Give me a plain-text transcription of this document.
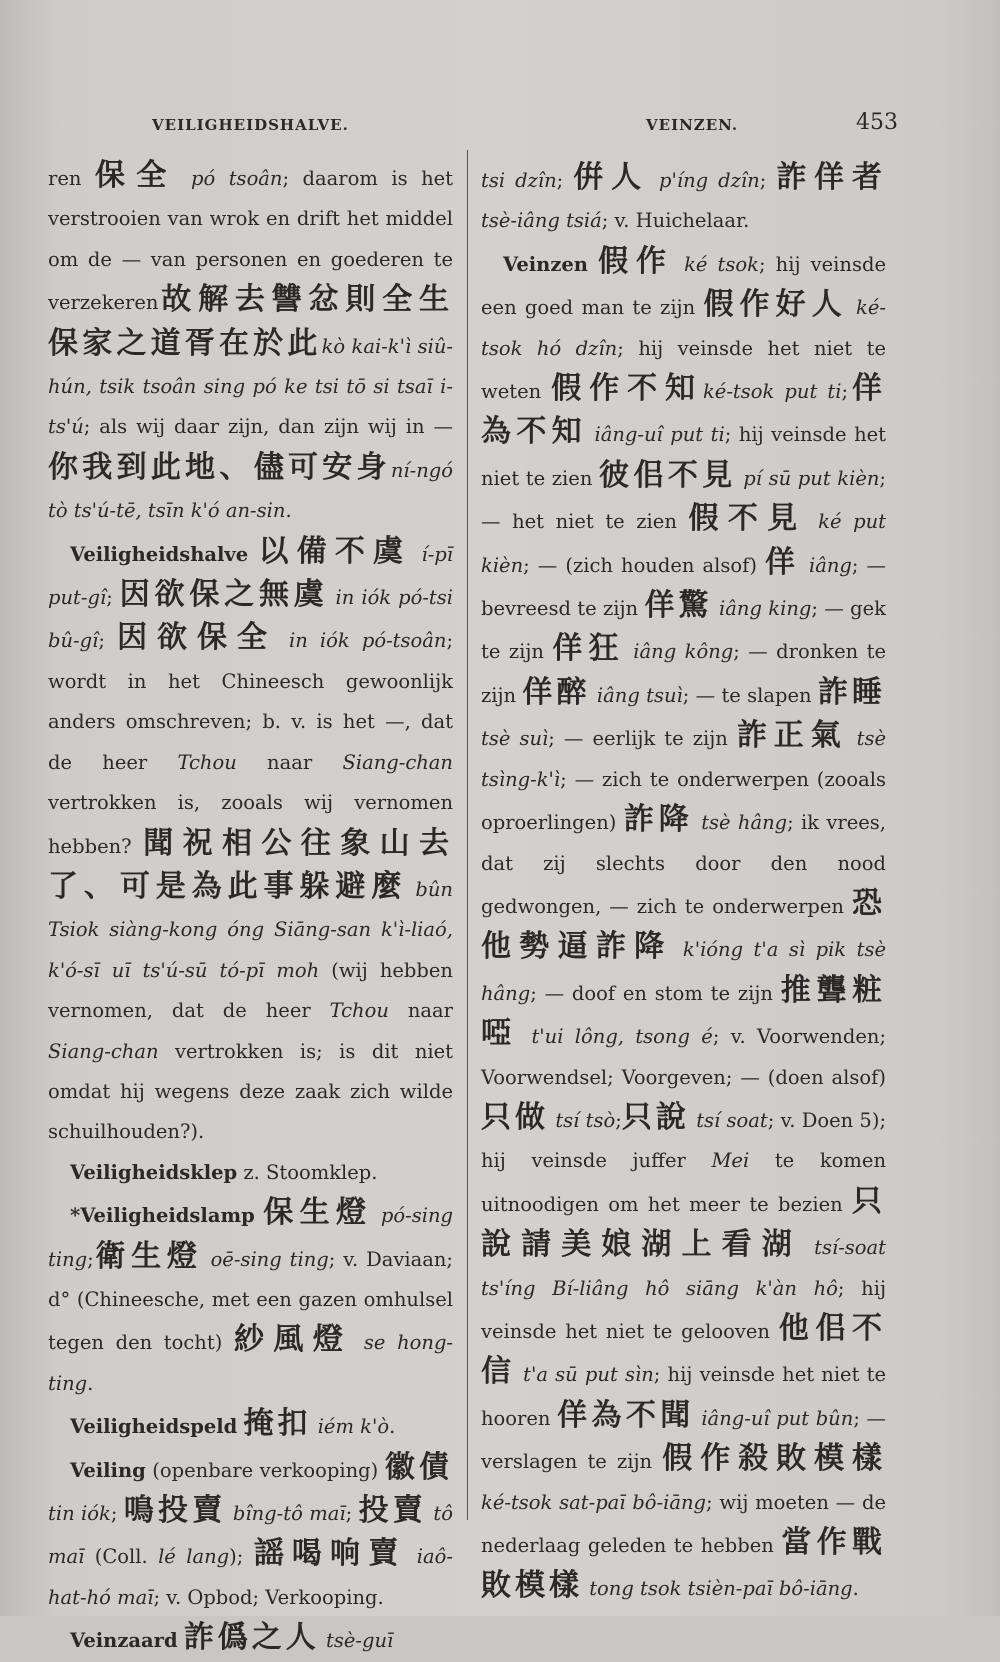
VEILIGHEIDSHALVE.	VEINZEN.	453

ren 保全 pó tsoân; daarom is het verstrooien van wrok en drift het middel om de — van personen en goederen te verzekeren故解去讐忿則全生保家之道胥在於此kò kai-k'ì siû-hún, tsik tsoân sing pó ke tsi tō si tsaī i-ts'ú; als wij daar zijn, dan zijn wij in — 你我到此地、儘可安身ní-ngó tò ts'ú-tē, tsīn k'ó an-sin.

Veiligheidshalve 以備不虞 í-pī put-gî; 因欲保之無虞 in iók pó-tsi bû-gî; 因欲保全 in iók pó-tsoân; wordt in het Chineesch gewoonlijk anders omschreven; b. v. is het —, dat de heer Tchou naar Siang-chan vertrokken is, zooals wij vernomen hebben? 聞祝相公往象山去了、可是為此事躲避麼 bûn Tsiok siàng-kong óng Siāng-san k'ì-liaó, k'ó-sī uī ts'ú-sū tó-pī moh (wij hebben vernomen, dat de heer Tchou naar Siang-chan vertrokken is; is dit niet omdat hij wegens deze zaak zich wilde schuilhouden?).

Veiligheidsklep z. Stoomklep.

*Veiligheidslamp 保生燈 pó-sing ting;衛生燈 oē-sing ting; v. Daviaan; d° (Chineesche, met een gazen omhulsel tegen den tocht) 紗風燈 se hong-ting.

Veiligheidspeld 掩扣 iém k'ò.

Veiling (openbare verkooping) 徽債 tin iók; 鳴投賣 bîng-tô maī; 投賣 tô maī (Coll. lé lang); 謡喝响賣 iaô-hat-hó maī; v. Opbod; Verkooping.

Veinzaard 詐僞之人 tsè-guī

tsi dzîn; 倂人 p'íng dzîn; 詐佯者 tsè-iâng tsiá; v. Huichelaar.

Veinzen 假作 ké tsok; hij veinsde een goed man te zijn 假作好人 ké-tsok hó dzîn; hij veinsde het niet te weten 假作不知ké-tsok put ti;佯為不知 iâng-uî put ti; hij veinsde het niet te zien 彼佀不見 pí sū put kièn; — het niet te zien 假不見 ké put kièn; — (zich houden alsof) 佯 iâng; — bevreesd te zijn 佯驚 iâng king; — gek te zijn 佯狂 iâng kông; — dronken te zijn 佯醉 iâng tsuì; — te slapen 詐睡 tsè suì; — eerlijk te zijn 詐正氣 tsè tsìng-k'ì; — zich te onderwerpen (zooals oproerlingen) 詐降 tsè hâng; ik vrees, dat zij slechts door den nood gedwongen, — zich te onderwerpen 恐他勢逼詐降 k'ióng t'a sì pik tsè hâng; — doof en stom te zijn 推聾粧啞 t'ui lông, tsong é; v. Voorwenden; Voorwendsel; Voorgeven; — (doen alsof) 只做 tsí tsò;只說 tsí soat; v. Doen 5); hij veinsde juffer Mei te komen uitnoodigen om het meer te bezien 只說請美娘湖上看湖 tsí-soat ts'íng Bí-liâng hô siāng k'àn hô; hij veinsde het niet te gelooven 他佀不信 t'a sū put sìn; hij veinsde het niet te hooren 佯為不聞 iâng-uî put bûn; — verslagen te zijn 假作殺敗模樣 ké-tsok sat-paī bô-iāng; wij moeten — de nederlaag geleden te hebben 當作戰敗模樣 tong tsok tsièn-paī bô-iāng.
